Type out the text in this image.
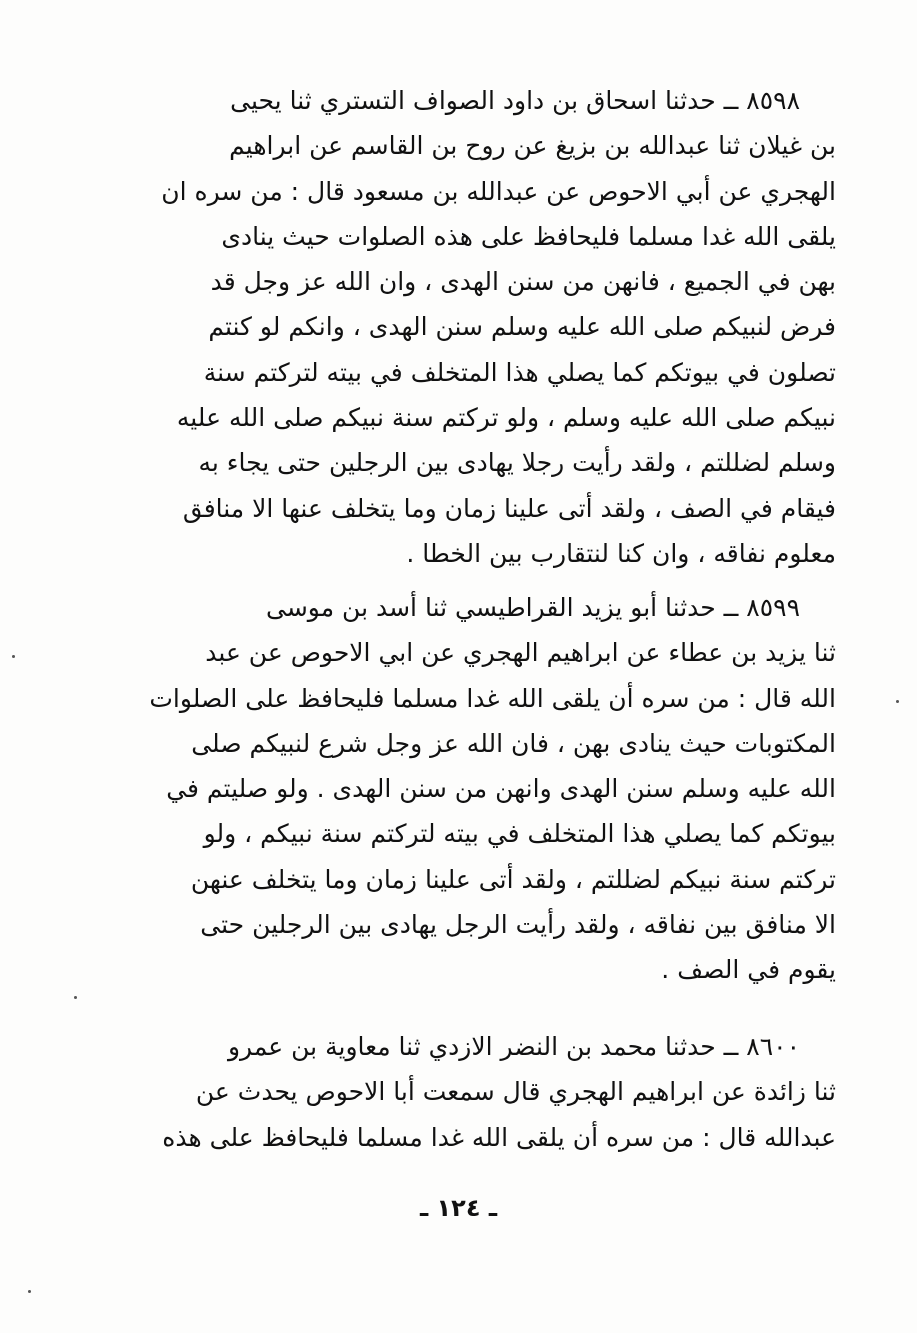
٨٥٩٨ ــ حدثنا اسحاق بن داود الصواف التستري ثنا يحيى
بن غيلان ثنا عبدالله بن بزيغ عن روح بن القاسم عن ابراهيم
الهجري عن أبي الاحوص عن عبدالله بن مسعود قال : من سره ان
يلقى الله غدا مسلما فليحافظ على هذه الصلوات حيث ينادى
بهن في الجميع ، فانهن من سنن الهدى ، وان الله عز وجل قد
فرض لنبيكم صلى الله عليه وسلم سنن الهدى ، وانكم لو كنتم
تصلون في بيوتكم كما يصلي هذا المتخلف في بيته لتركتم سنة
نبيكم صلى الله عليه وسلم ، ولو تركتم سنة نبيكم صلى الله عليه
وسلم لضللتم ، ولقد رأيت رجلا يهادى بين الرجلين حتى يجاء به
فيقام في الصف ، ولقد أتى علينا زمان وما يتخلف عنها الا منافق
معلوم نفاقه ، وان كنا لنتقارب بين الخطا .
٨٥٩٩ ــ حدثنا أبو يزيد القراطيسي ثنا أسد بن موسى
ثنا يزيد بن عطاء عن ابراهيم الهجري عن ابي الاحوص عن عبد
الله قال : من سره أن يلقى الله غدا مسلما فليحافظ على الصلوات
المكتوبات حيث ينادى بهن ، فان الله عز وجل شرع لنبيكم صلى
الله عليه وسلم سنن الهدى وانهن من سنن الهدى . ولو صليتم في
بيوتكم كما يصلي هذا المتخلف في بيته لتركتم سنة نبيكم ، ولو
تركتم سنة نبيكم لضللتم ، ولقد أتى علينا زمان وما يتخلف عنهن
الا منافق بين نفاقه ، ولقد رأيت الرجل يهادى بين الرجلين حتى
يقوم في الصف .
٨٦٠٠ ــ حدثنا محمد بن النضر الازدي ثنا معاوية بن عمرو
ثنا زائدة عن ابراهيم الهجري قال سمعت أبا الاحوص يحدث عن
عبدالله قال : من سره أن يلقى الله غدا مسلما فليحافظ على هذه
ـ ١٢٤ ـ
